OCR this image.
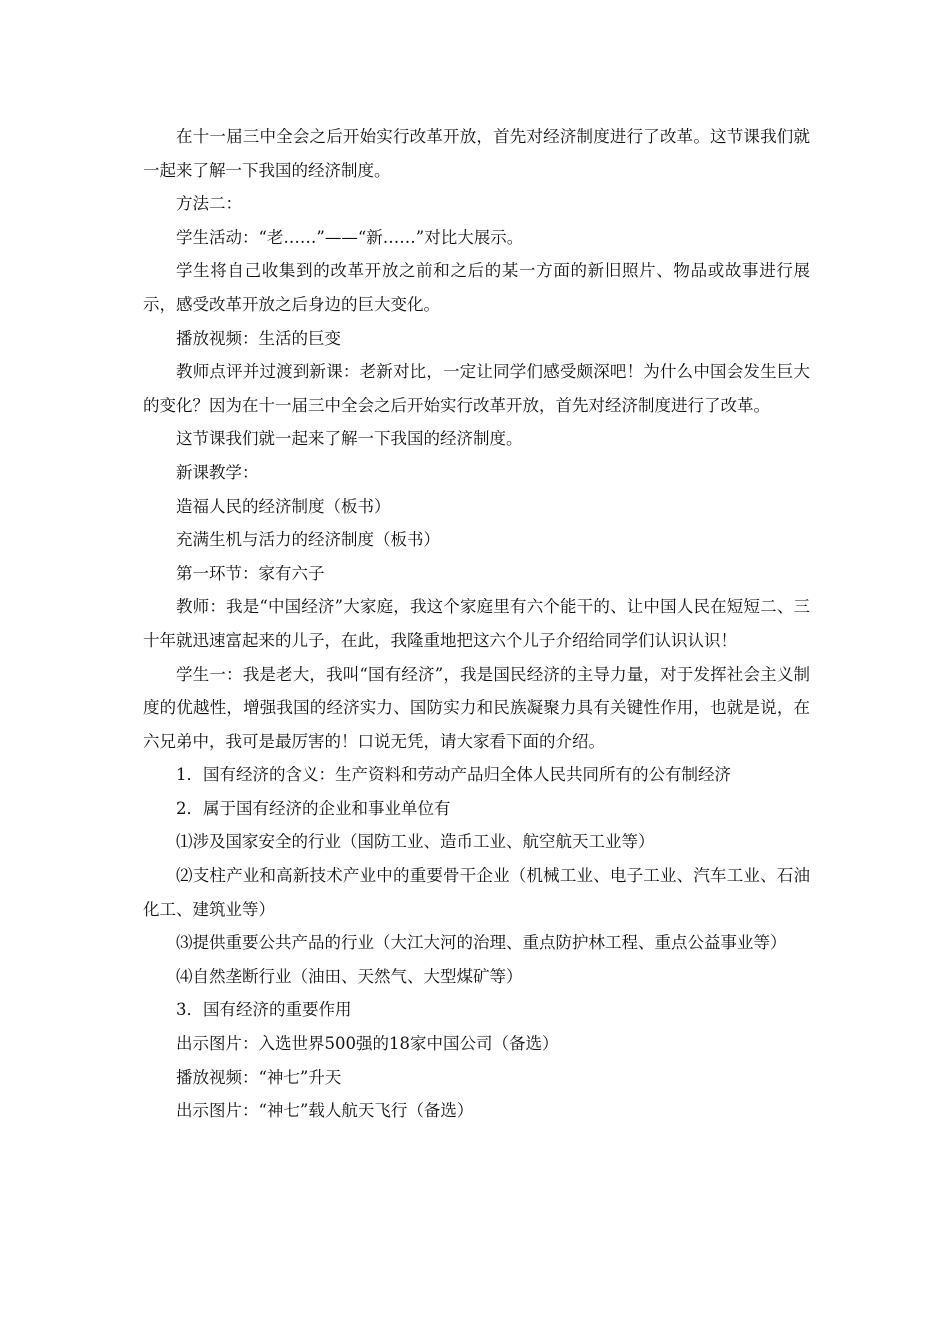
在十一届三中全会之后开始实行改革开放，首先对经济制度进行了改革。这节课我们就一起来了解一下我国的经济制度。

方法二：

学生活动：“老……”——“新……”对比大展示。

学生将自己收集到的改革开放之前和之后的某一方面的新旧照片、物品或故事进行展示，感受改革开放之后身边的巨大变化。

播放视频：生活的巨变

教师点评并过渡到新课：老新对比，一定让同学们感受颇深吧！为什么中国会发生巨大的变化？因为在十一届三中全会之后开始实行改革开放，首先对经济制度进行了改革。

这节课我们就一起来了解一下我国的经济制度。

新课教学：

造福人民的经济制度（板书）

充满生机与活力的经济制度（板书）

第一环节：家有六子

教师：我是“中国经济”大家庭，我这个家庭里有六个能干的、让中国人民在短短二、三十年就迅速富起来的儿子，在此，我隆重地把这六个儿子介绍给同学们认识认识！

学生一：我是老大，我叫“国有经济”，我是国民经济的主导力量，对于发挥社会主义制度的优越性，增强我国的经济实力、国防实力和民族凝聚力具有关键性作用，也就是说，在六兄弟中，我可是最厉害的！口说无凭，请大家看下面的介绍。

1．国有经济的含义：生产资料和劳动产品归全体人民共同所有的公有制经济

2．属于国有经济的企业和事业单位有

⑴涉及国家安全的行业（国防工业、造币工业、航空航天工业等）

⑵支柱产业和高新技术产业中的重要骨干企业（机械工业、电子工业、汽车工业、石油化工、建筑业等）

⑶提供重要公共产品的行业（大江大河的治理、重点防护林工程、重点公益事业等）

⑷自然垄断行业（油田、天然气、大型煤矿等）

3．国有经济的重要作用

出示图片：入选世界500强的18家中国公司（备选）

播放视频：“神七”升天

出示图片：“神七”载人航天飞行（备选）
